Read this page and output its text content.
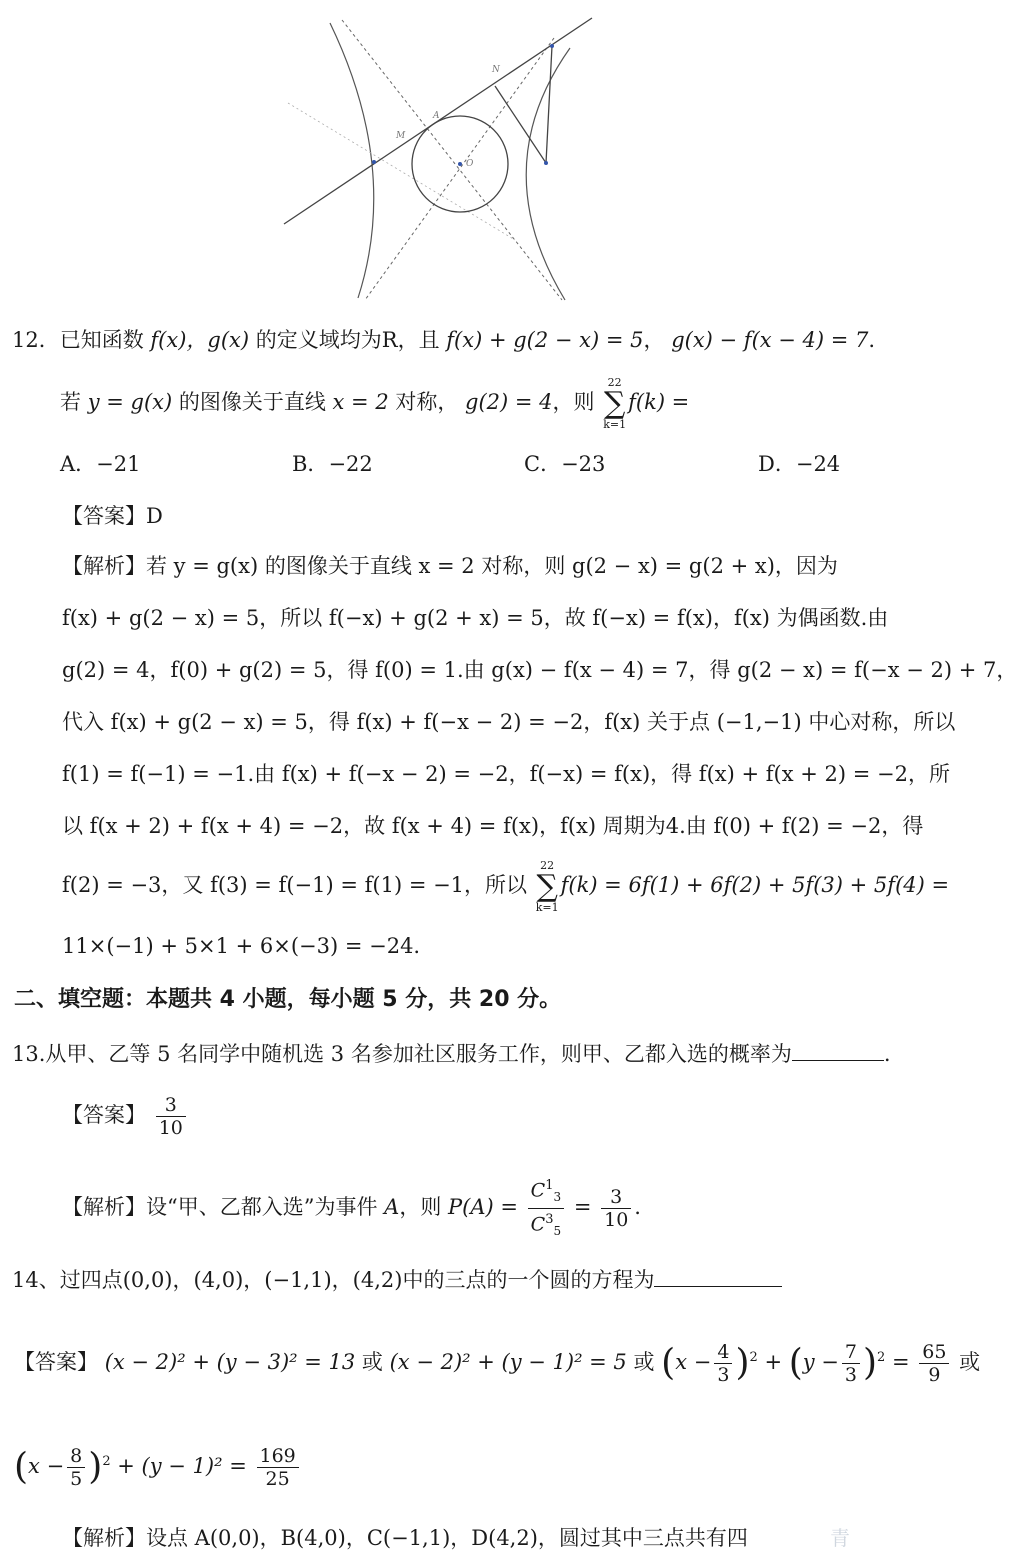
N
M
A
O
12．已知函数 f(x)，g(x) 的定义域均为R，且 f(x) + g(2 − x) = 5， g(x) − f(x − 4) = 7.
若 y = g(x) 的图像关于直线 x = 2 对称， g(2) = 4，则
22
∑
k=1
f(k) =
A．−21	B．−22	C．−23	D．−24
【答案】D
【解析】若 y = g(x) 的图像关于直线 x = 2 对称，则 g(2 − x) = g(2 + x)，因为
f(x) + g(2 − x) = 5，所以 f(−x) + g(2 + x) = 5，故 f(−x) = f(x)，f(x) 为偶函数.由
g(2) = 4，f(0) + g(2) = 5，得 f(0) = 1.由 g(x) − f(x − 4) = 7，得 g(2 − x) = f(−x − 2) + 7，
代入 f(x) + g(2 − x) = 5，得 f(x) + f(−x − 2) = −2，f(x) 关于点 (−1,−1) 中心对称，所以
f(1) = f(−1) = −1.由 f(x) + f(−x − 2) = −2，f(−x) = f(x)，得 f(x) + f(x + 2) = −2，所
以 f(x + 2) + f(x + 4) = −2，故 f(x + 4) = f(x)，f(x) 周期为4.由 f(0) + f(2) = −2，得
f(2) = −3，又 f(3) = f(−1) = f(1) = −1，所以
22
∑
k=1
f(k) = 6f(1) + 6f(2) + 5f(3) + 5f(4) =
11×(−1) + 5×1 + 6×(−3) = −24.
二、填空题：本题共 4 小题，每小题 5 分，共 20 分。
13.从甲、乙等 5 名同学中随机选 3 名参加社区服务工作，则甲、乙都入选的概率为	.
【答案】 $\frac{3}{10}$
【解析】设“甲、乙都入选”为事件 A，则 $P(A) = \frac{C^1_3}{C^3_5} = \frac{3}{10}$ .
14、过四点(0,0)，(4,0)，(−1,1)，(4,2)中的三点的一个圆的方程为
【答案】 (x − 2)² + (y − 3)² = 13 或 (x − 2)² + (y − 1)² = 5 或 $(x - \frac{4}{3} )^2 + (y - \frac{7}{3} )^2 = \frac{65}{9}$ 或
$(x - \frac{8}{5} )^2 + (y - 1)^2 = \frac{169}{25}$
【解析】设点 A(0,0)，B(4,0)，C(−1,1)，D(4,2)，圆过其中三点共有四	青
